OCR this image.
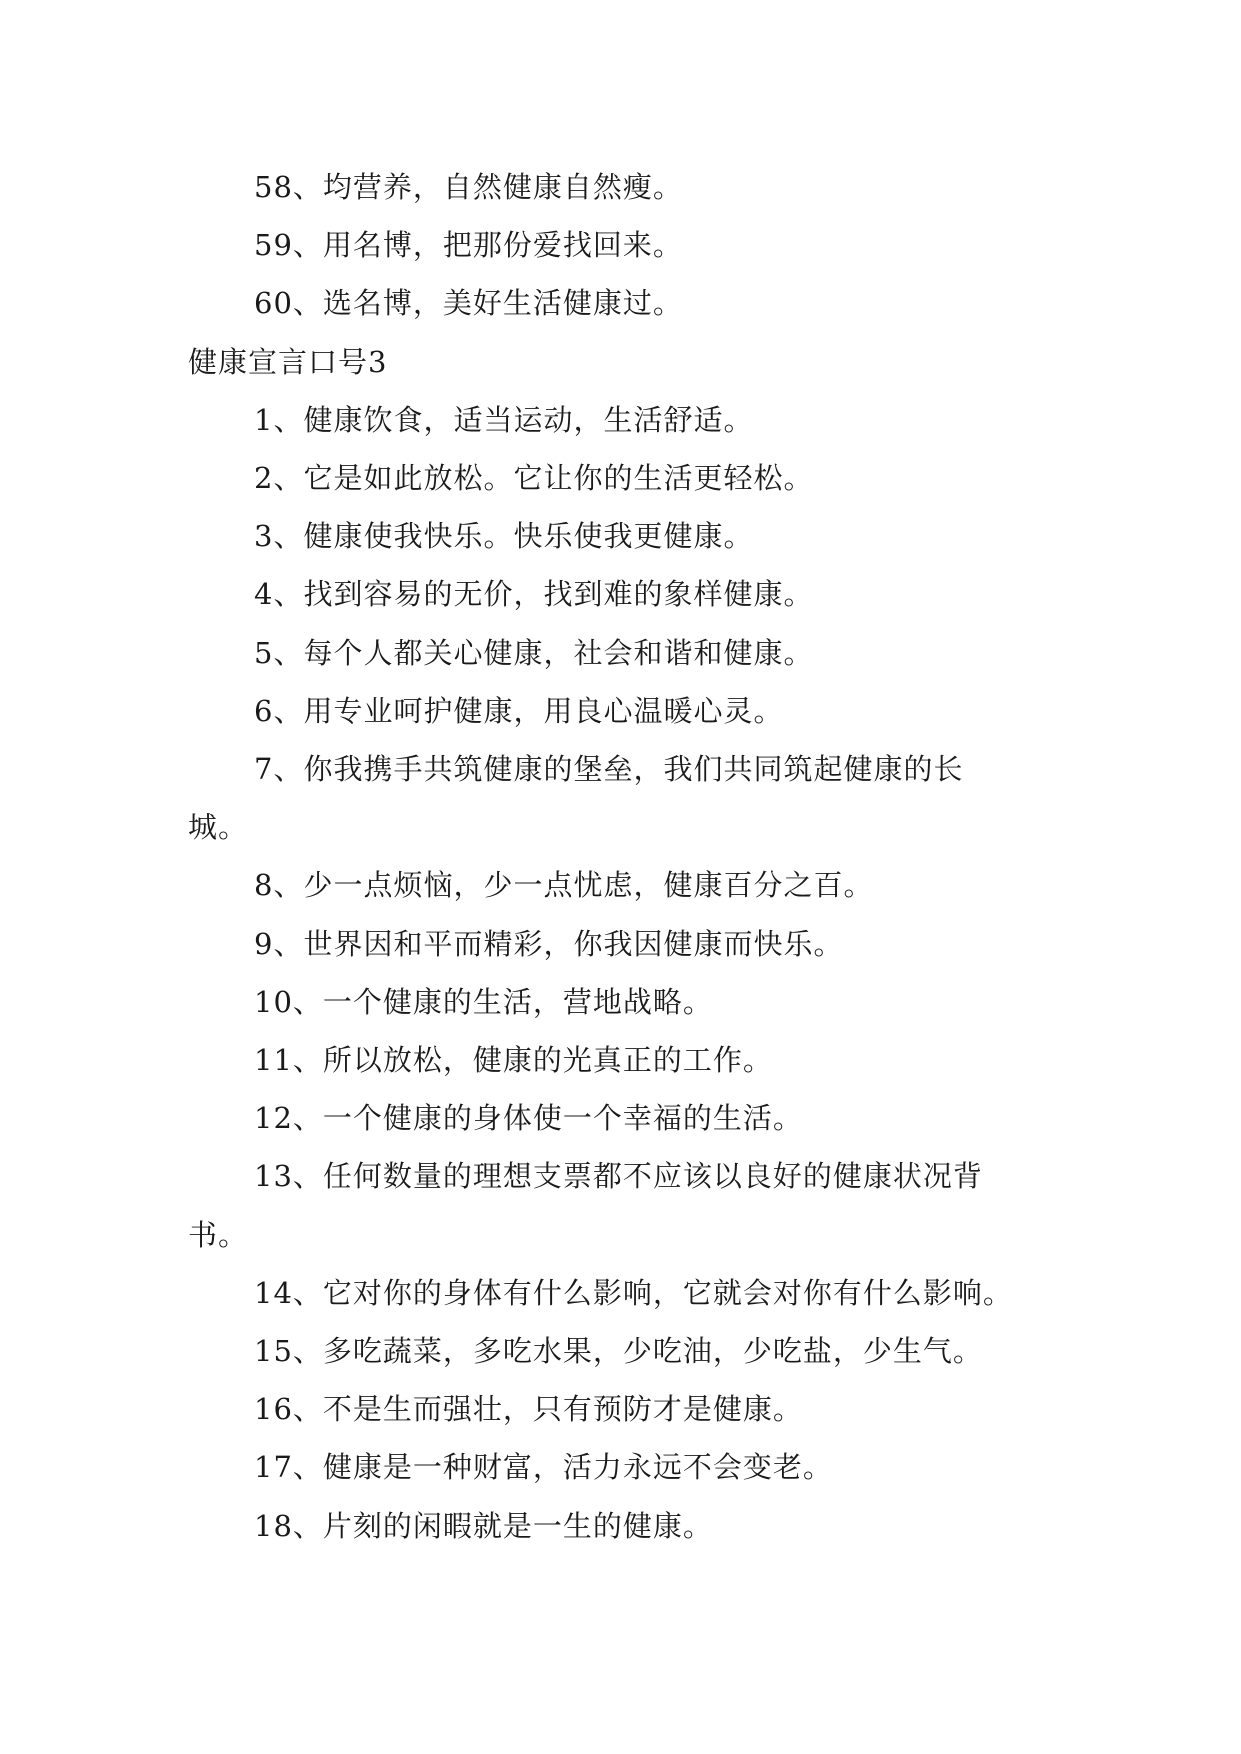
58、均营养，自然健康自然瘦。
59、用名博，把那份爱找回来。
60、选名博，美好生活健康过。
健康宣言口号3
1、健康饮食，适当运动，生活舒适。
2、它是如此放松。它让你的生活更轻松。
3、健康使我快乐。快乐使我更健康。
4、找到容易的无价，找到难的象样健康。
5、每个人都关心健康，社会和谐和健康。
6、用专业呵护健康，用良心温暖心灵。
7、你我携手共筑健康的堡垒，我们共同筑起健康的长
城。
8、少一点烦恼，少一点忧虑，健康百分之百。
9、世界因和平而精彩，你我因健康而快乐。
10、一个健康的生活，营地战略。
11、所以放松，健康的光真正的工作。
12、一个健康的身体使一个幸福的生活。
13、任何数量的理想支票都不应该以良好的健康状况背
书。
14、它对你的身体有什么影响，它就会对你有什么影响。
15、多吃蔬菜，多吃水果，少吃油，少吃盐，少生气。
16、不是生而强壮，只有预防才是健康。
17、健康是一种财富，活力永远不会变老。
18、片刻的闲暇就是一生的健康。
